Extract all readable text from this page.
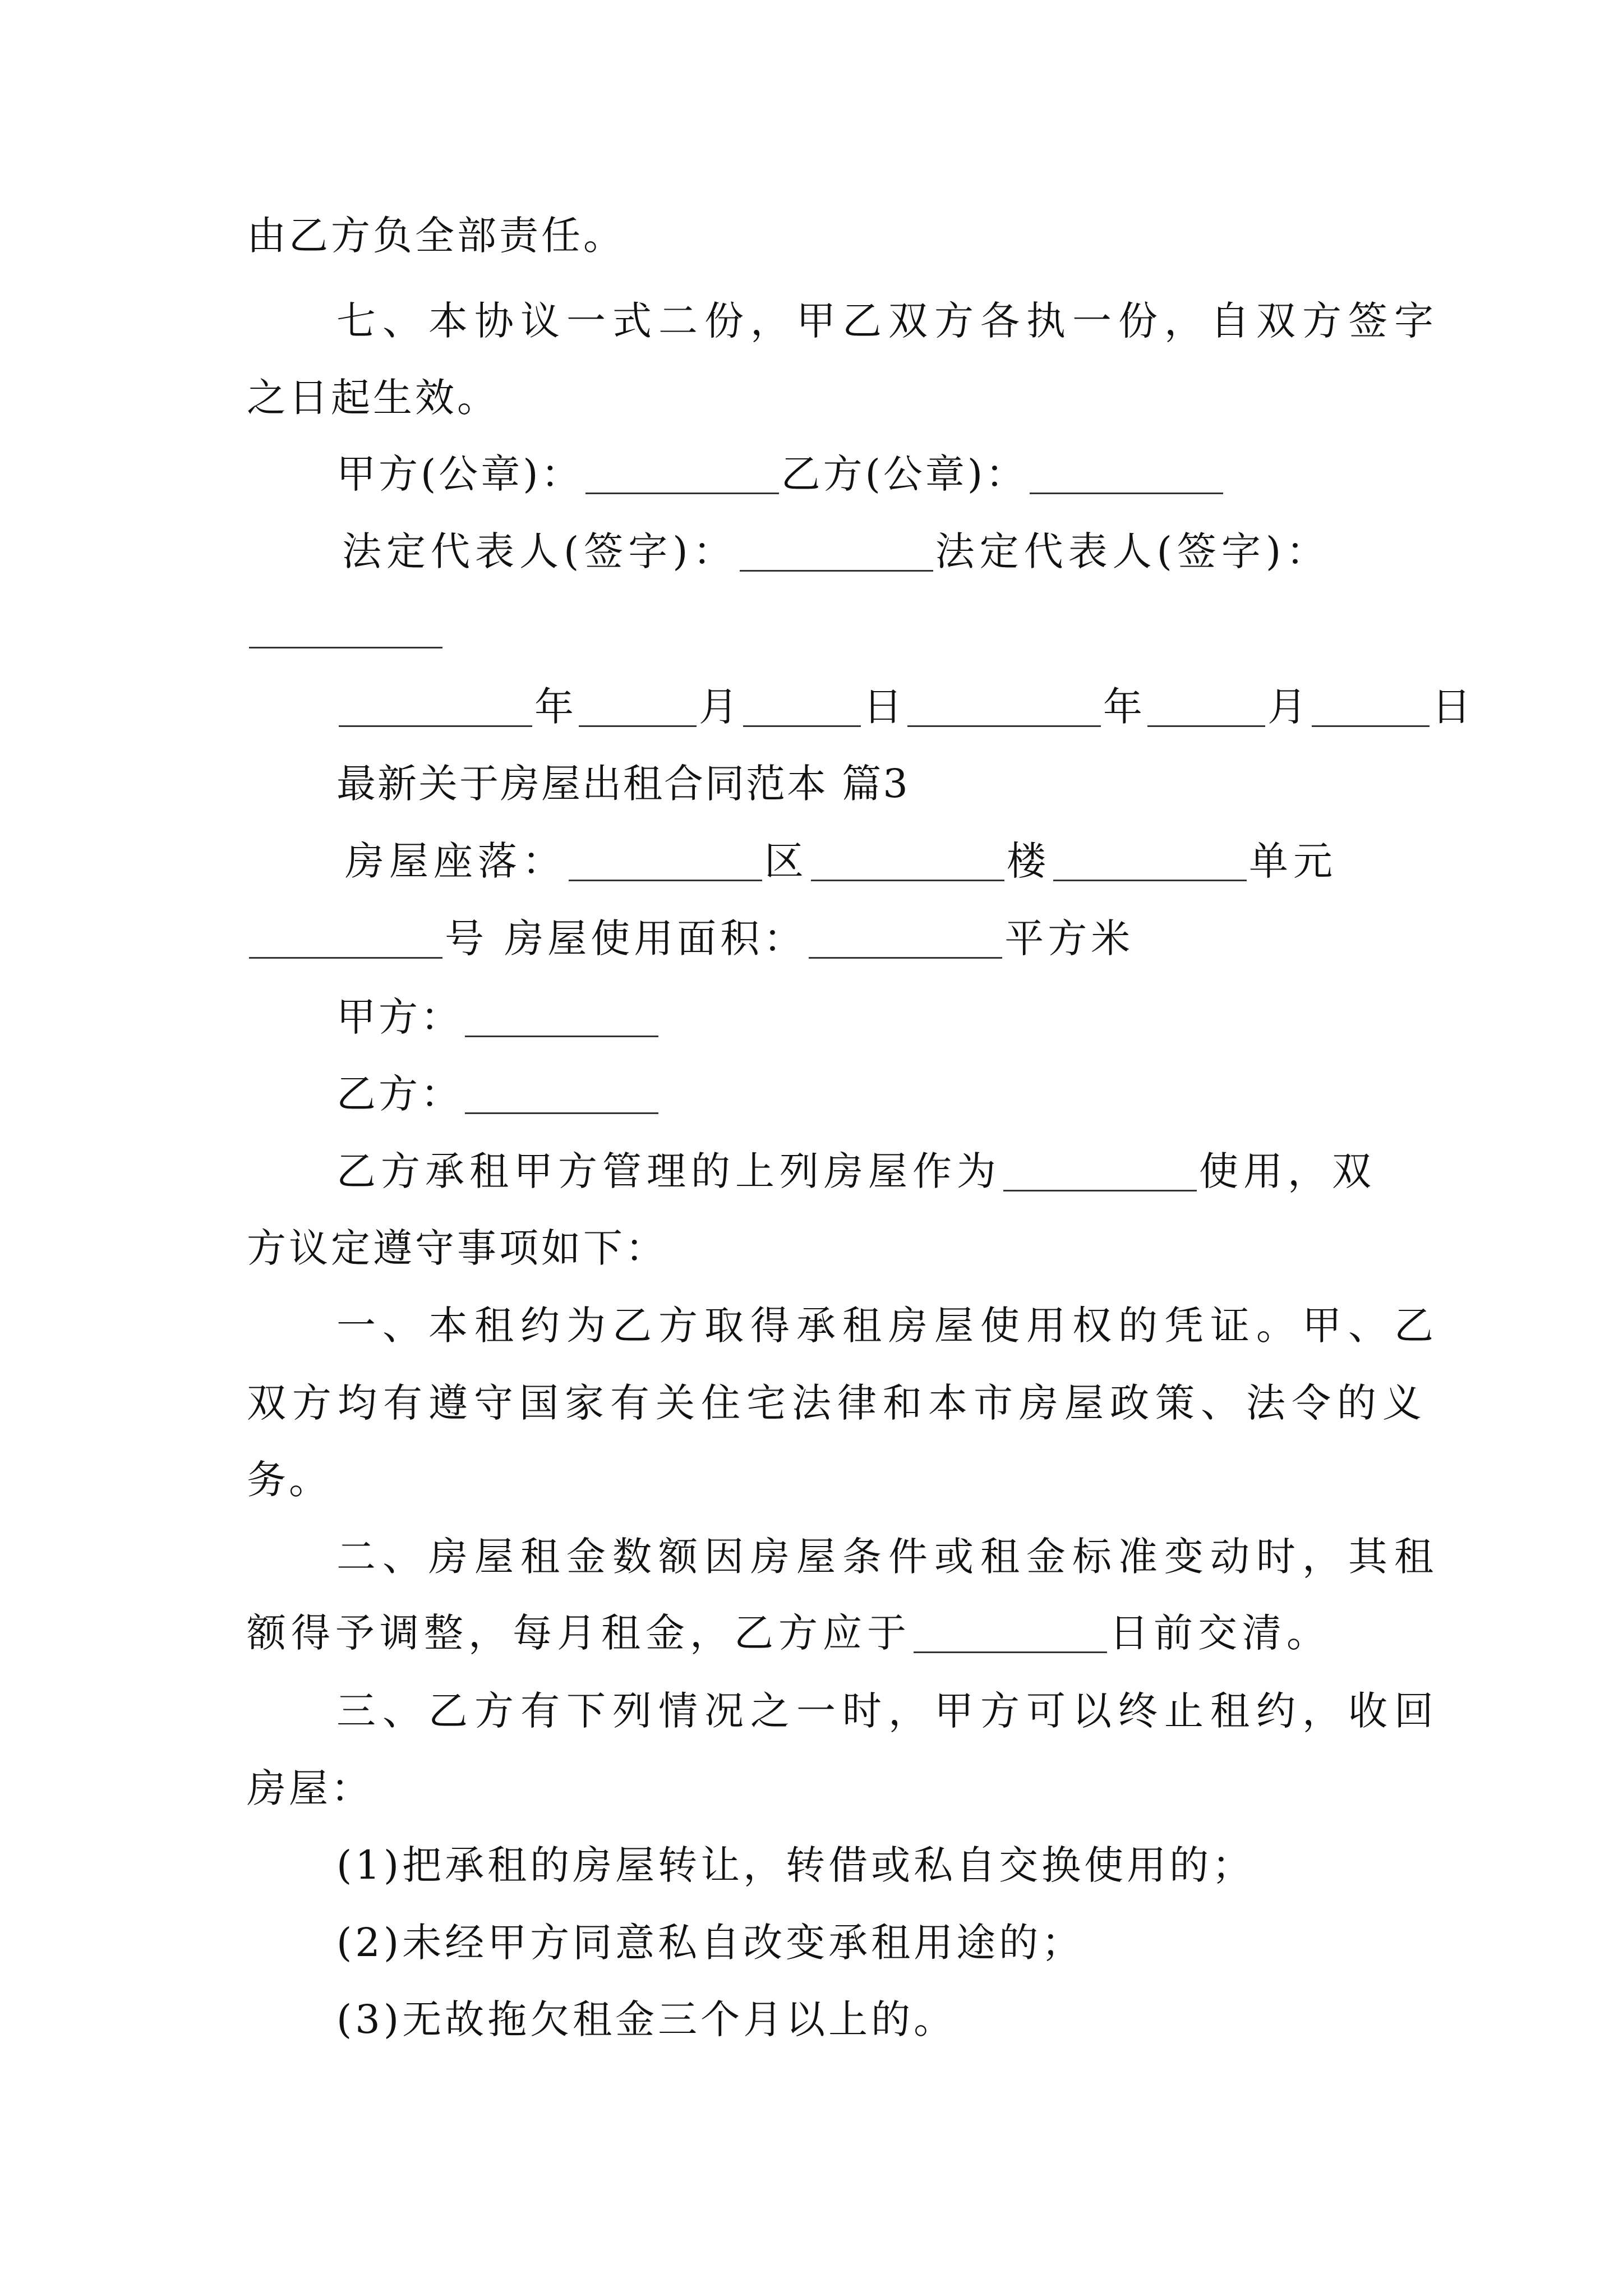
由乙方负全部责任。
七、本协议一式二份，甲乙双方各执一份，自双方签字
之日起生效。
甲方(公章)：	乙方(公章)：
法定代表人(签字)：	法定代表人(签字)：
年	月	日	年	月	日
最新关于房屋出租合同范本 篇3
房屋座落：	区	楼	单元
号 房屋使用面积：	平方米
甲方：
乙方：
乙方承租甲方管理的上列房屋作为	使用，双
方议定遵守事项如下：
一、本租约为乙方取得承租房屋使用权的凭证。甲、乙
双方均有遵守国家有关住宅法律和本市房屋政策、法令的义
务。
二、房屋租金数额因房屋条件或租金标准变动时，其租
额得予调整，每月租金，乙方应于	日前交清。
三、乙方有下列情况之一时，甲方可以终止租约，收回
房屋：
(1)把承租的房屋转让，转借或私自交换使用的；
(2)未经甲方同意私自改变承租用途的；
(3)无故拖欠租金三个月以上的。
